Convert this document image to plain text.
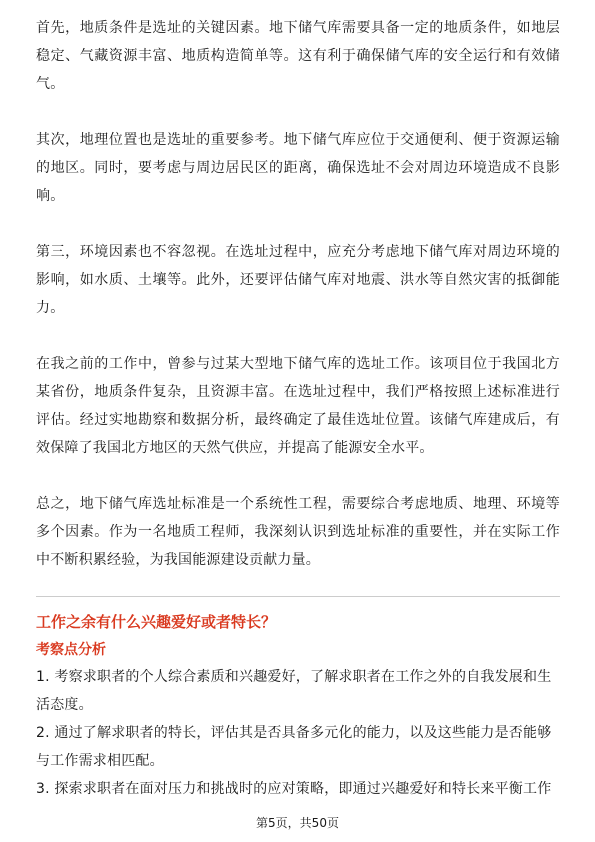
首先，地质条件是选址的关键因素。地下储气库需要具备一定的地质条件，如地层稳定、气藏资源丰富、地质构造简单等。这有利于确保储气库的安全运行和有效储气。

其次，地理位置也是选址的重要参考。地下储气库应位于交通便利、便于资源运输的地区。同时，要考虑与周边居民区的距离，确保选址不会对周边环境造成不良影响。

第三，环境因素也不容忽视。在选址过程中，应充分考虑地下储气库对周边环境的影响，如水质、土壤等。此外，还要评估储气库对地震、洪水等自然灾害的抵御能力。

在我之前的工作中，曾参与过某大型地下储气库的选址工作。该项目位于我国北方某省份，地质条件复杂，且资源丰富。在选址过程中，我们严格按照上述标准进行评估。经过实地勘察和数据分析，最终确定了最佳选址位置。该储气库建成后，有效保障了我国北方地区的天然气供应，并提高了能源安全水平。

总之，地下储气库选址标准是一个系统性工程，需要综合考虑地质、地理、环境等多个因素。作为一名地质工程师，我深刻认识到选址标准的重要性，并在实际工作中不断积累经验，为我国能源建设贡献力量。

工作之余有什么兴趣爱好或者特长？

考察点分析

1. 考察求职者的个人综合素质和兴趣爱好，了解求职者在工作之外的自我发展和生活态度。

2. 通过了解求职者的特长，评估其是否具备多元化的能力，以及这些能力是否能够与工作需求相匹配。

3. 探索求职者在面对压力和挑战时的应对策略，即通过兴趣爱好和特长来平衡工作

第5页，共50页
